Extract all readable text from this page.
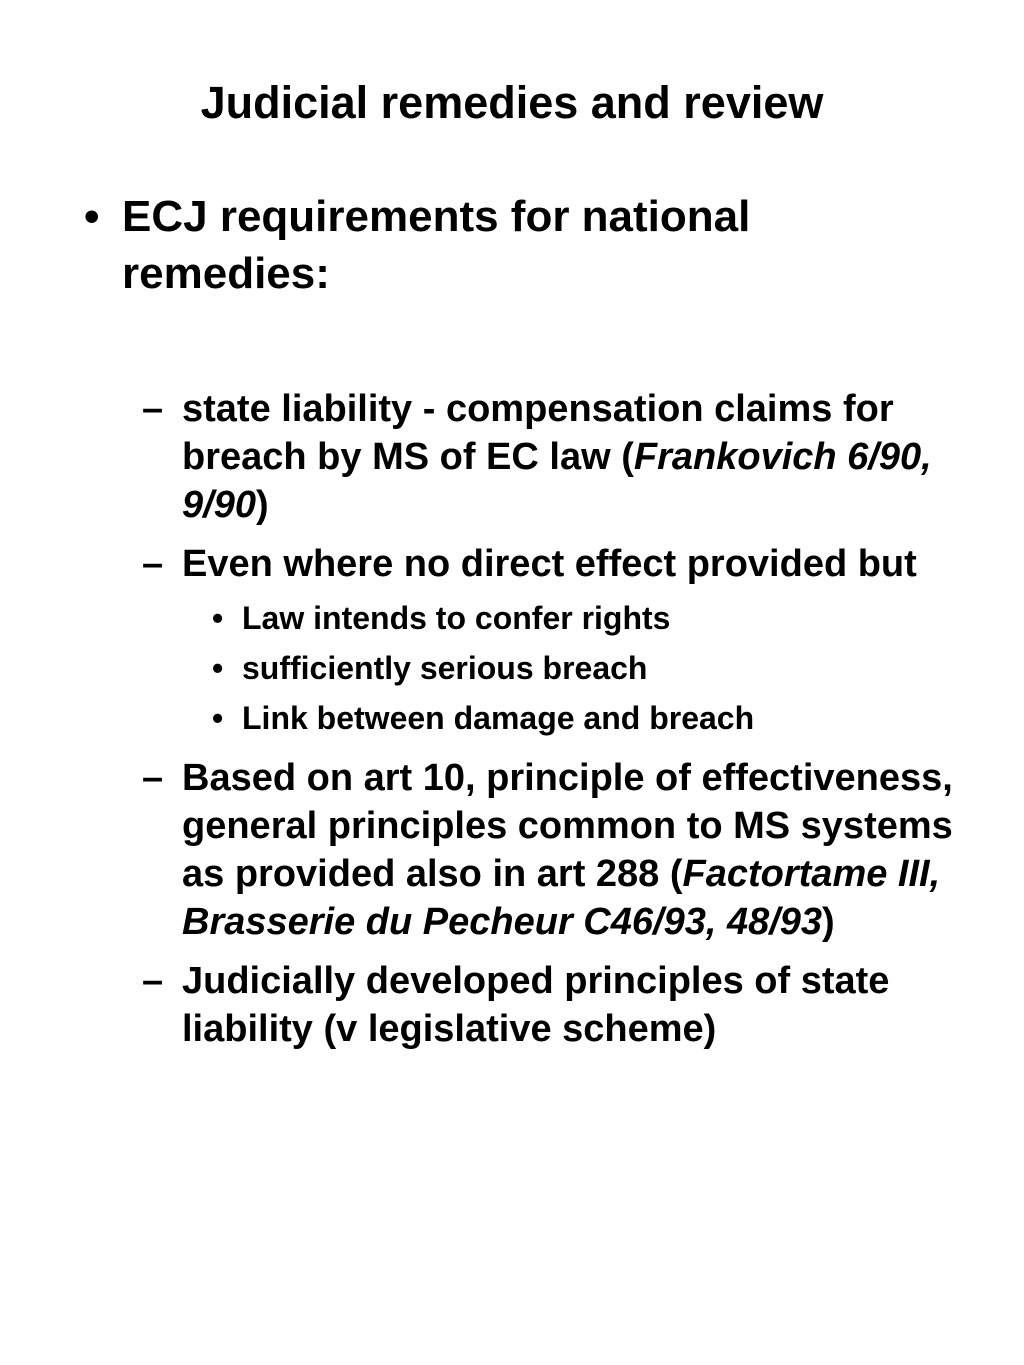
Judicial remedies and review
• ECJ requirements for national remedies:
– state liability - compensation claims for breach by MS of EC law (Frankovich 6/90, 9/90)
– Even where no direct effect provided but
• Law intends to confer rights
• sufficiently serious breach
• Link between damage and breach
– Based on art 10, principle of effectiveness, general principles common to MS systems as provided also in art 288 (Factortame III, Brasserie du Pecheur C46/93, 48/93)
– Judicially developed principles of state liability (v legislative scheme)
